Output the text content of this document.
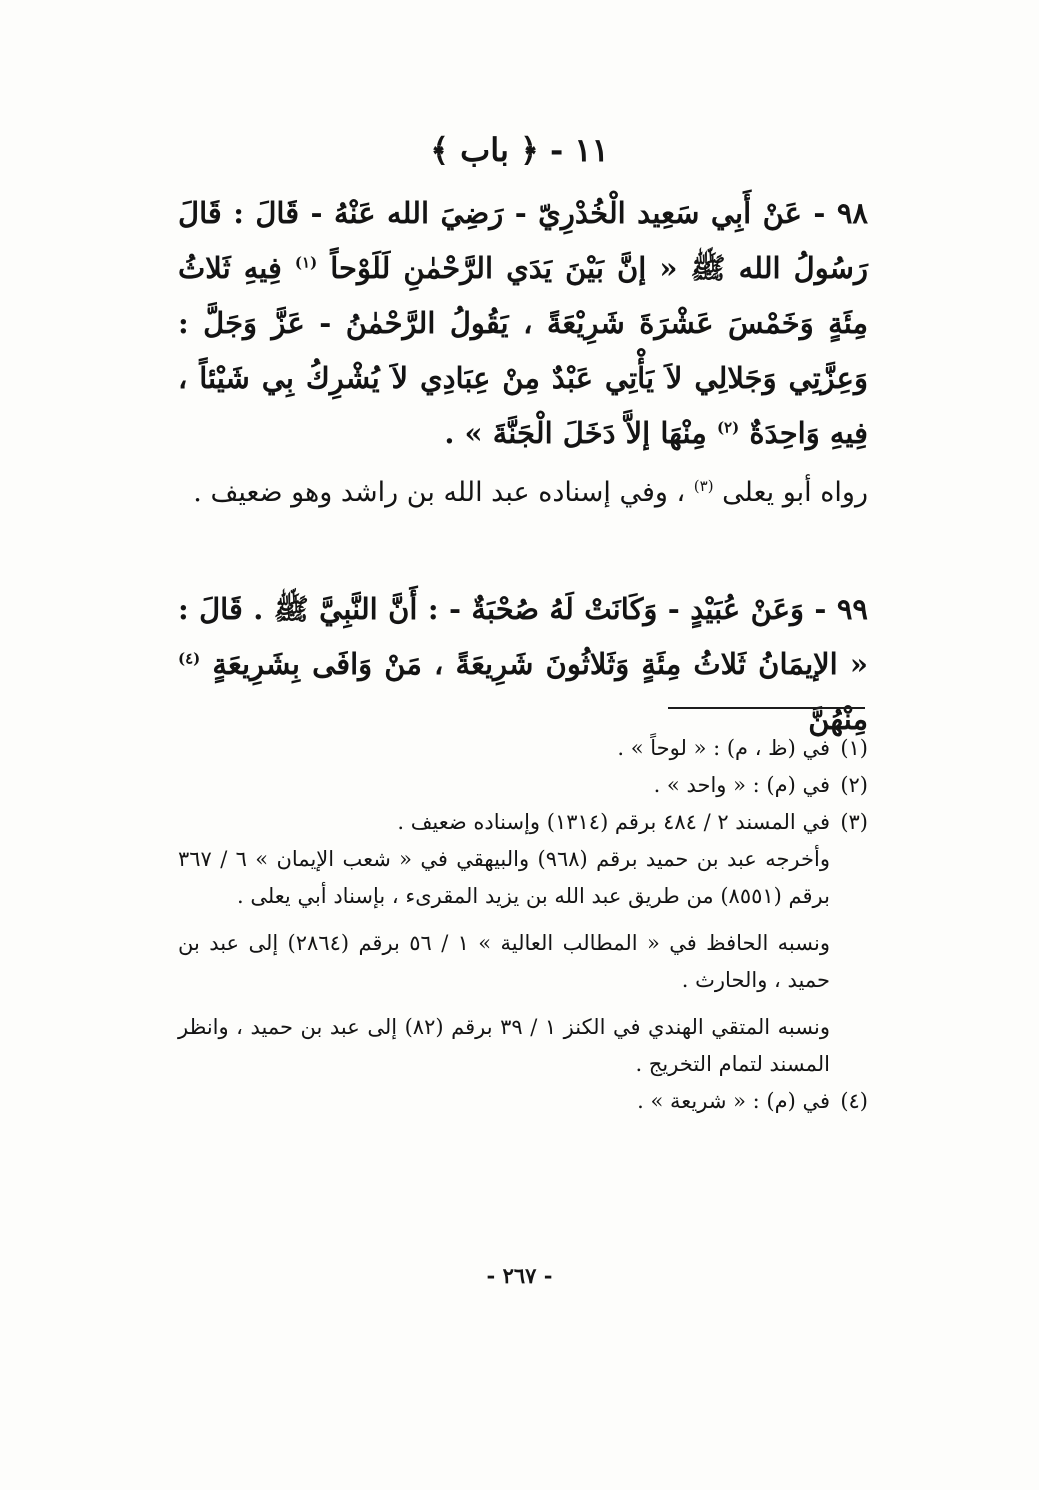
١١ - ﴿ باب ﴾
٩٨ - عَنْ أَبِي سَعِيد الْخُدْرِيّ - رَضِيَ الله عَنْهُ - قَالَ : قَالَ رَسُولُ الله ﷺ « إنَّ بَيْنَ يَدَي الرَّحْمٰنِ لَلَوْحاً $^{(١)}$ فِيهِ ثَلاثُ مِئَةٍ وَخَمْسَ عَشْرَةَ شَرِيْعَةً ، يَقُولُ الرَّحْمٰنُ - عَزَّ وَجَلَّ : وَعِزَّتِي وَجَلالِي لاَ يَأْتِي عَبْدٌ مِنْ عِبَادِي لاَ يُشْرِكُ بِي شَيْئاً ، فِيهِ وَاحِدَةٌ $^{(٢)}$ مِنْهَا إلاَّ دَخَلَ الْجَنَّةَ » .
رواه أبو يعلى $^{(٣)}$ ، وفي إسناده عبد الله بن راشد وهو ضعيف .
٩٩ - وَعَنْ عُبَيْدٍ - وَكَانَتْ لَهُ صُحْبَةٌ - : أَنَّ النَّبِيَّ ﷺ . قَالَ : « الإيمَانُ ثَلاثُ مِئَةٍ وَثَلاثُونَ شَرِيعَةً ، مَنْ وَافَى بِشَرِيعَةٍ $^{(٤)}$ مِنْهُنَّ
(١)في (ظ ، م) : « لوحاً » .
(٢)في (م) : « واحد » .
(٣)في المسند ٢ / ٤٨٤ برقم (١٣١٤) وإسناده ضعيف .
وأخرجه عبد بن حميد برقم (٩٦٨) والبيهقي في « شعب الإيمان » ٦ / ٣٦٧ برقم (٨٥٥١) من طريق عبد الله بن يزيد المقرىء ، بإسناد أبي يعلى .
ونسبه الحافظ في « المطالب العالية » ١ / ٥٦ برقم (٢٨٦٤) إلى عبد بن حميد ، والحارث .
ونسبه المتقي الهندي في الكنز ١ / ٣٩ برقم (٨٢) إلى عبد بن حميد ، وانظر المسند لتمام التخريج .
(٤)في (م) : « شريعة » .
- ٢٦٧ -
